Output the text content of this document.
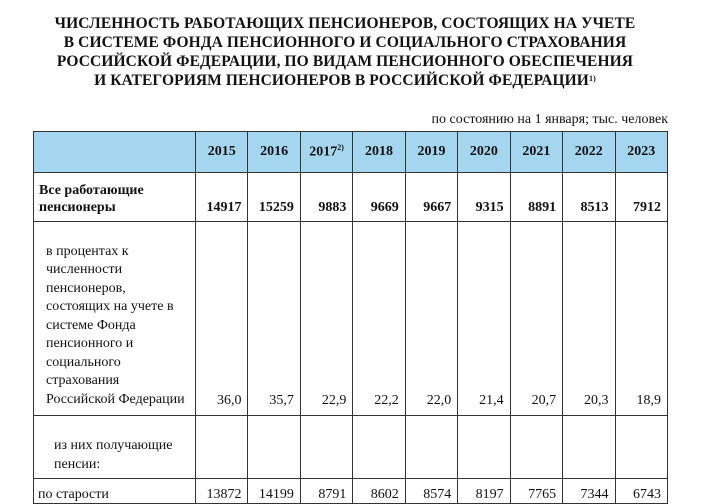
ЧИСЛЕННОСТЬ РАБОТАЮЩИХ ПЕНСИОНЕРОВ, СОСТОЯЩИХ НА УЧЕТЕ
В СИСТЕМЕ ФОНДА ПЕНСИОННОГО И СОЦИАЛЬНОГО СТРАХОВАНИЯ
РОССИЙСКОЙ ФЕДЕРАЦИИ, ПО ВИДАМ ПЕНСИОННОГО ОБЕСПЕЧЕНИЯ
И КАТЕГОРИЯМ ПЕНСИОНЕРОВ В РОССИЙСКОЙ ФЕДЕРАЦИИ$^{1)}$
по состоянию на 1 января; тыс. человек
	2015	2016	2017$^{2)}$	2018	2019	2020	2021	2022	2023
Все работающие пенсионеры	14917	15259	9883	9669	9667	9315	8891	8513	7912
в процентах к численности пенсионеров, состоящих на учете в системе Фонда пенсионного и социального страхования Российской Федерации	36,0	35,7	22,9	22,2	22,0	21,4	20,7	20,3	18,9
из них получающие пенсии:									
по старости	13872	14199	8791	8602	8574	8197	7765	7344	6743
